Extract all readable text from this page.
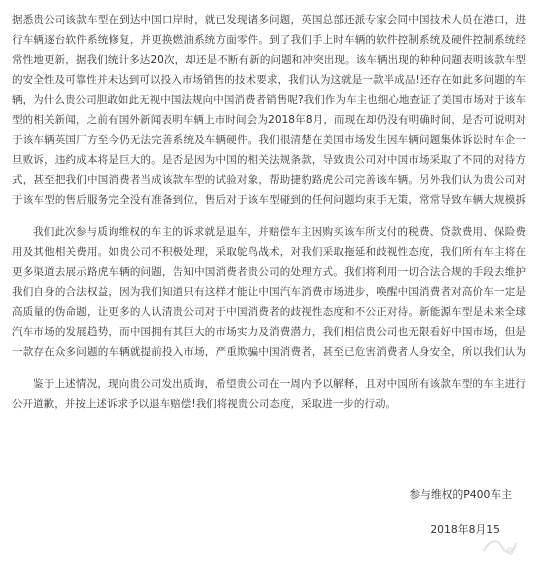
据悉贵公司该款车型在到达中国口岸时，就已发现诸多问题，英国总部还派专家会同中国技术人员在港口，进行车辆逐台软件系统修复，并更换燃油系统方面零件。到了我们手上时车辆的软件控制系统及硬件控制系统经常性地更新，据我们统计多达20次，却还是不断有新的问题和冲突出现。该车辆出现的种种问题表明该款车型的安全性及可靠性并未达到可以投入市场销售的技术要求，我们认为这就是一款半成品!还存在如此多问题的车辆，为什么贵公司胆敢如此无视中国法规向中国消费者销售呢?我们作为车主也细心地查证了美国市场对于该车型的相关新闻，之前有国外新闻表明车辆上市时间会为2018年8月，而现在却仍没有明确时间，是否可说明对于该车辆英国厂方至今仍无法完善系统及车辆硬件。我们很清楚在美国市场发生因车辆问题集体诉讼时车企一旦败诉，违约成本将是巨大的。是否是因为中国的相关法规条款，导致贵公司对中国市场采取了不同的对待方式，甚至把我们中国消费者当成该款车型的试验对象，帮助捷豹路虎公司完善该车辆。另外我们认为贵公司对于该车型的售后服务完全没有准备到位，售后对于该车型碰到的任何问题均束手无策，常常导致车辆大规模拆

我们此次参与质询维权的车主的诉求就是退车，并赔偿车主因购买该车所支付的税费、贷款费用、保险费用及其他相关费用。如贵公司不积极处理，采取鸵鸟战术，对我们采取拖延和歧视性态度，我们所有车主将在更多渠道去展示路虎车辆的问题，告知中国消费者贵公司的处理方式。我们将利用一切合法合规的手段去维护我们自身的合法权益，因为我们知道只有这样才能让中国汽车消费市场进步，唤醒中国消费者对高价车一定是高质量的伪命题，让更多的人认清贵公司对于中国消费者的歧视性态度和不公正对待。新能源车型是未来全球汽车市场的发展趋势，而中国拥有其巨大的市场实力及消费潜力，我们相信贵公司也无限看好中国市场，但是一款存在众多问题的车辆就提前投入市场，严重欺骗中国消费者，甚至已危害消费者人身安全，所以我们认为

鉴于上述情况，现向贵公司发出质询，希望贵公司在一周内予以解释，且对中国所有该款车型的车主进行公开道歉，并按上述诉求予以退车赔偿!我们将视贵公司态度，采取进一步的行动。

参与维权的P400车主
2018年8月15
